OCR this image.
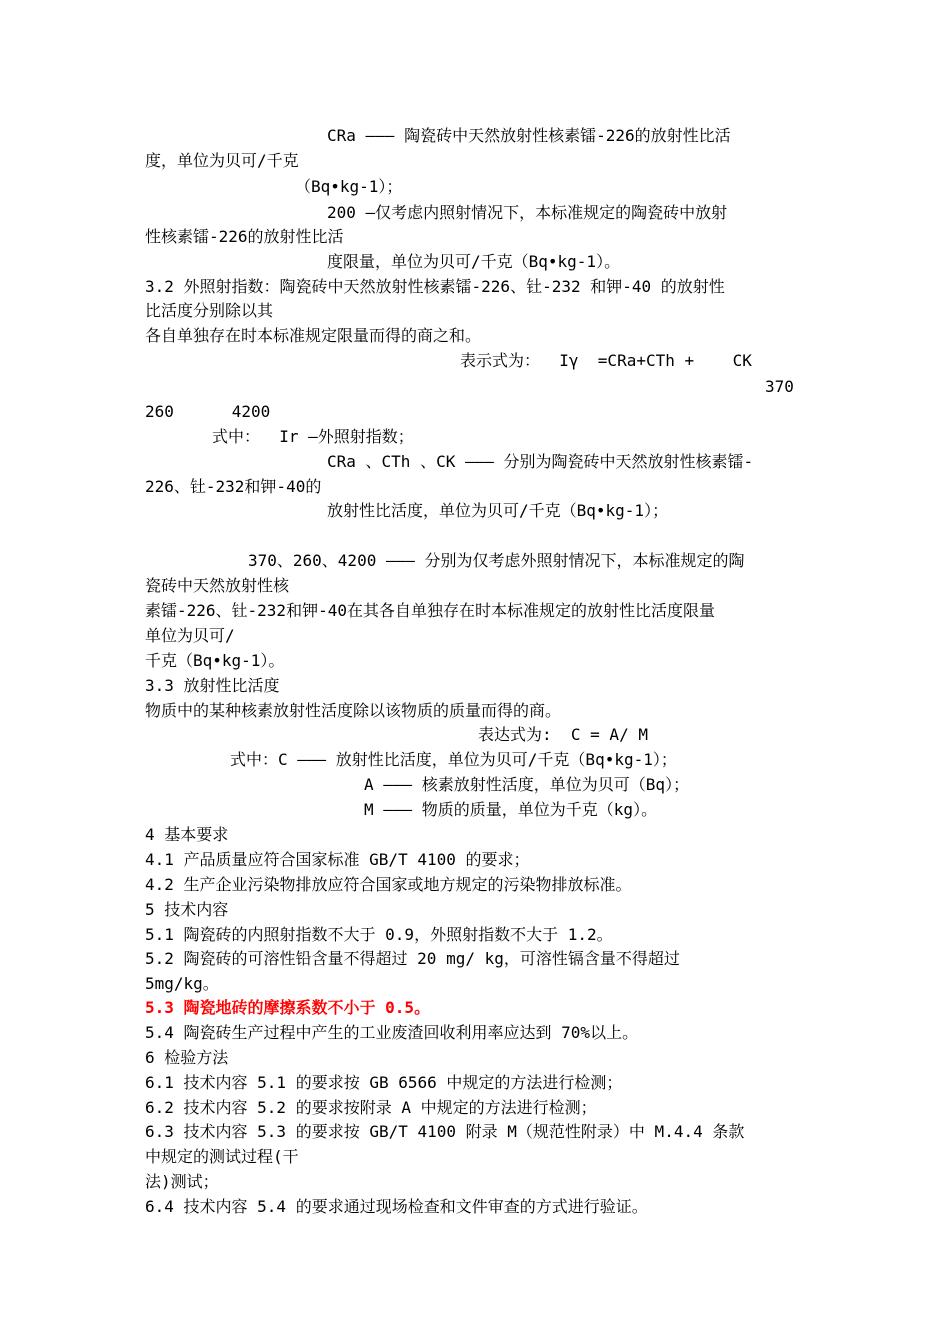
CRa ——— 陶瓷砖中天然放射性核素镭-226的放射性比活
度，单位为贝可/千克
（Bq•kg-1）；
200 —仅考虑内照射情况下，本标准规定的陶瓷砖中放射
性核素镭-226的放射性比活
度限量，单位为贝可/千克（Bq•kg-1）。
3.2 外照射指数：陶瓷砖中天然放射性核素镭-226、钍-232 和钾-40 的放射性
比活度分别除以其
各自单独存在时本标准规定限量而得的商之和。
表示式为：  Iγ  =CRa+CTh +    CK
370
260      4200
式中：  Ir —外照射指数；
CRa 、CTh 、CK ——— 分别为陶瓷砖中天然放射性核素镭-
226、钍-232和钾-40的
放射性比活度，单位为贝可/千克（Bq•kg-1）；
370、260、4200 ——— 分别为仅考虑外照射情况下，本标准规定的陶
瓷砖中天然放射性核
素镭-226、钍-232和钾-40在其各自单独存在时本标准规定的放射性比活度限量
单位为贝可/
千克（Bq•kg-1）。
3.3 放射性比活度
物质中的某种核素放射性活度除以该物质的质量而得的商。
表达式为:  C = A/ M
式中：C ——— 放射性比活度，单位为贝可/千克（Bq•kg-1）；
A ——— 核素放射性活度，单位为贝可（Bq）；
M ——— 物质的质量，单位为千克（kg）。
4 基本要求
4.1 产品质量应符合国家标准 GB/T 4100 的要求；
4.2 生产企业污染物排放应符合国家或地方规定的污染物排放标准。
5 技术内容
5.1 陶瓷砖的内照射指数不大于 0.9，外照射指数不大于 1.2。
5.2 陶瓷砖的可溶性铅含量不得超过 20 mg/ kg，可溶性镉含量不得超过
5mg/kg。
5.3 陶瓷地砖的摩擦系数不小于 0.5。
5.4 陶瓷砖生产过程中产生的工业废渣回收利用率应达到 70%以上。
6 检验方法
6.1 技术内容 5.1 的要求按 GB 6566 中规定的方法进行检测；
6.2 技术内容 5.2 的要求按附录 A 中规定的方法进行检测；
6.3 技术内容 5.3 的要求按 GB/T 4100 附录 M（规范性附录）中 M.4.4 条款
中规定的测试过程(干
法)测试；
6.4 技术内容 5.4 的要求通过现场检查和文件审查的方式进行验证。
